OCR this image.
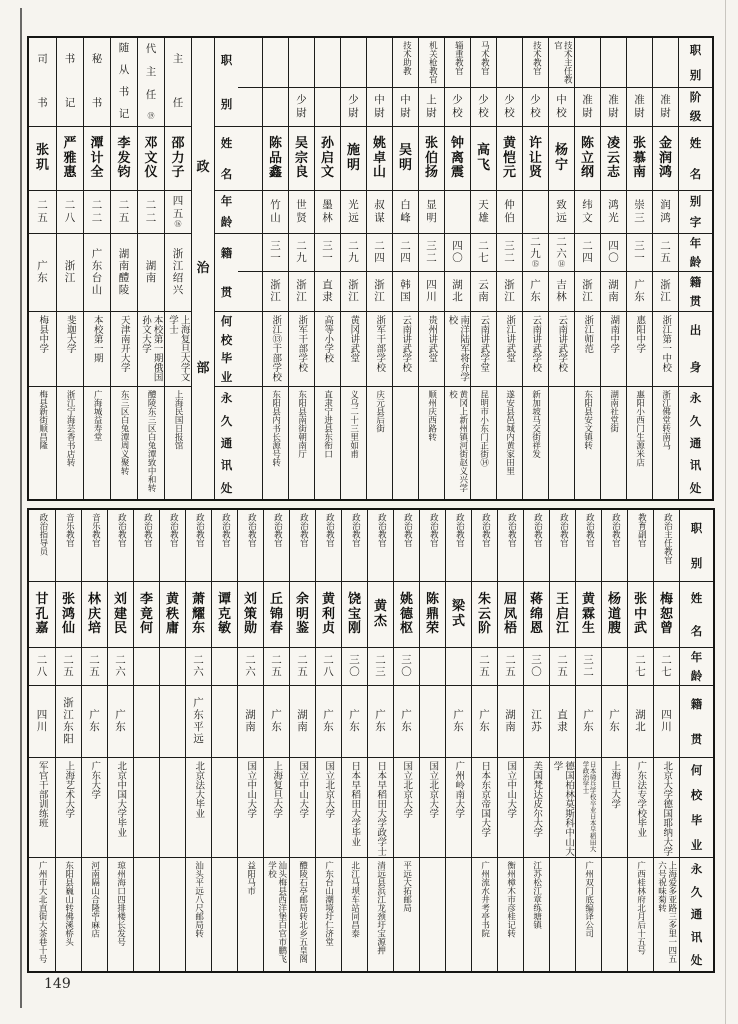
职
别
阶
级
姓
名
别
字
年
龄
籍
贯
出
身
永
久
通
讯
处
准
尉
金
润
鸿
润
鸿
二
五
浙
江
浙江第一中校
浙江佛堂转南马
准
尉
张
慕
南
崇
三
三
一
广
东
惠阳中学
惠阳小西门生源米店
准
尉
凌
云
志
鸿
光
四
〇
湖
南
湖南中学
湖南社堂街
准
尉
陈
立
纲
纬
文
二
四
浙
江
浙江师范
东阳县安文镇转
技术主任教官
中
校
杨
宁
致
远
二
六
⑭
吉
林
云南讲武学校
技术教官
少
校
许
让
贤
二
九
⑮
广
东
云南讲武学校
新加坡马交街祥发
少
校
黄
恺
元
仲
伯
三
二
浙
江
浙江讲武堂
遂安县邑城内黄家田里
马术教官
少
校
高
飞
天
雄
二
七
云
南
云南讲武学堂
昆明市小东门正街⑭
辎重教官
少
校
钟
离
震
四
〇
湖
北
南洋陆军将弁学校
黄冈上新州镇河街赵义兴学校
机关枪教官
上
尉
张
伯
扬
显
明
三
二
四
川
贵州讲武堂
顺州庆西路转
技术助教
中
尉
吴
明
白
峰
二
四
韩
国
云南讲武学校
中
尉
姚
卓
山
叔
谋
二
四
浙
江
浙军干部学校
庆元县后街
少
尉
施
明
光
远
二
九
浙
江
黄冈讲武堂
义乌二十三里如甫
孙
启
文
墨
林
三
一
直
隶
高等小学校
直隶宁进县东衔口
少
尉
吴
宗
良
世
贤
二
九
浙
江
浙军干部学校
东阳县南街朝南厅
陈
品
鑫
竹
山
三
一
浙
江
浙江⑬干部学校
东阳县内书长源号转
职
别
姓
名
年
龄
籍
贯
何
校
毕
业
永
久
通
讯
处
政
治
部
主
任
邵
力
子
四
五
⑯
浙
江
绍
兴
上海复旦大学文学士
上海民国日报馆
代
主
任
⑲
邓
文
仪
二
二
湖
南
本校第一期俄国孙文大学
醴陵东三区白兔潭致中和转
随
从
书
记
李
发
钧
二
五
湖
南
醴
陵
天津南开大学
东三区白兔潭周义聚转
秘
书
潭
计
全
二
二
广
东
台
山
本校第一期
广海城益寿堂
书
记
严
雅
惠
二
八
浙
江
斐迦大学
浙江宁海芸香书店转
司
书
张
玑
二
五
广
东
梅县中学
梅县新街顺昌隆
职
别
姓
名
年
龄
籍
贯
何
校
毕
业
永
久
通
讯
处
政治主任教官
梅
恕
曾
二
七
四
川
北京大学德国耶纳大学
上海爱多亚路三多里一四五六号祝味菊转
教育副官
张
中
武
二
七
湖
北
广东法专学校毕业
广西桂林府北月后十五号
政治教官
杨
道
膄
广
东
上海旦大学
政治教官
黄
霖
生
三
二
广
东
日本骑兵学校卒业日本早稻田大学政治学士
广州双门底编译公司
政治教官
王
启
江
二
五
直
隶
德国柏林莫斯科中山大学
政治教官
蒋
绵
恩
三
〇
江
苏
美国梵达皮尔大学
江苏松江章练塘镇
政治教官
屈
凤
梧
二
五
湖
南
国立中山大学
衡州樟木市彦桂记转
政治教官
朱
云
阶
二
五
广
东
日本东京帝国大学
广州流水井考亭书院
政治教官
梁
式
广
东
广州岭南大学
政治教官
陈
鼎
荣
国立北京大学
政治教官
姚
德
枢
三
〇
广
东
国立北京大学
平远大拓邮局
政治教官
黄
杰
二
三
广
东
日本早稻田大学政学士
清远县浜江龙颈圩宝源押
政治教官
饶
宝
刚
三
〇
广
东
日本早稻田大学毕业
北江马坝车站同昌泰
政治教官
黄
利
贞
二
八
广
东
国立北京大学
广东台山潮境圩仁济堂
政治教官
余
明
鉴
二
五
湖
南
国立中山大学
醴陵石亭邮局转北乡五皇阁
政治教官
丘
锦
春
二
五
广
东
上海复旦大学
汕头梅县西洋堡白官市鹏飞学校
政治教官
刘
策
勋
二
六
湖
南
国立中山大学
益阳马市
政治教官
谭
克
敏
政治教官
萧
耀
东
二
六
广
东
平
远
北京法大毕业
汕头平远八尺邮局转
政治教官
黄
秩
庸
政治教官
李
竟
何
政治教官
刘
建
民
二
六
广
东
北京中国大学毕业
琼州海口四排楼长发号
音乐教官
林
庆
培
二
五
广
东
广东大学
河南隔山合隆苧麻店
音乐教官
张
鸿
仙
二
五
浙
江
东
阳
上海艺术大学
东阳县巍山转佛溪桥头
政治指导员
甘
孔
嘉
二
八
四
川
军官干部训练班
广州市大北直街大茶巷十号
149
